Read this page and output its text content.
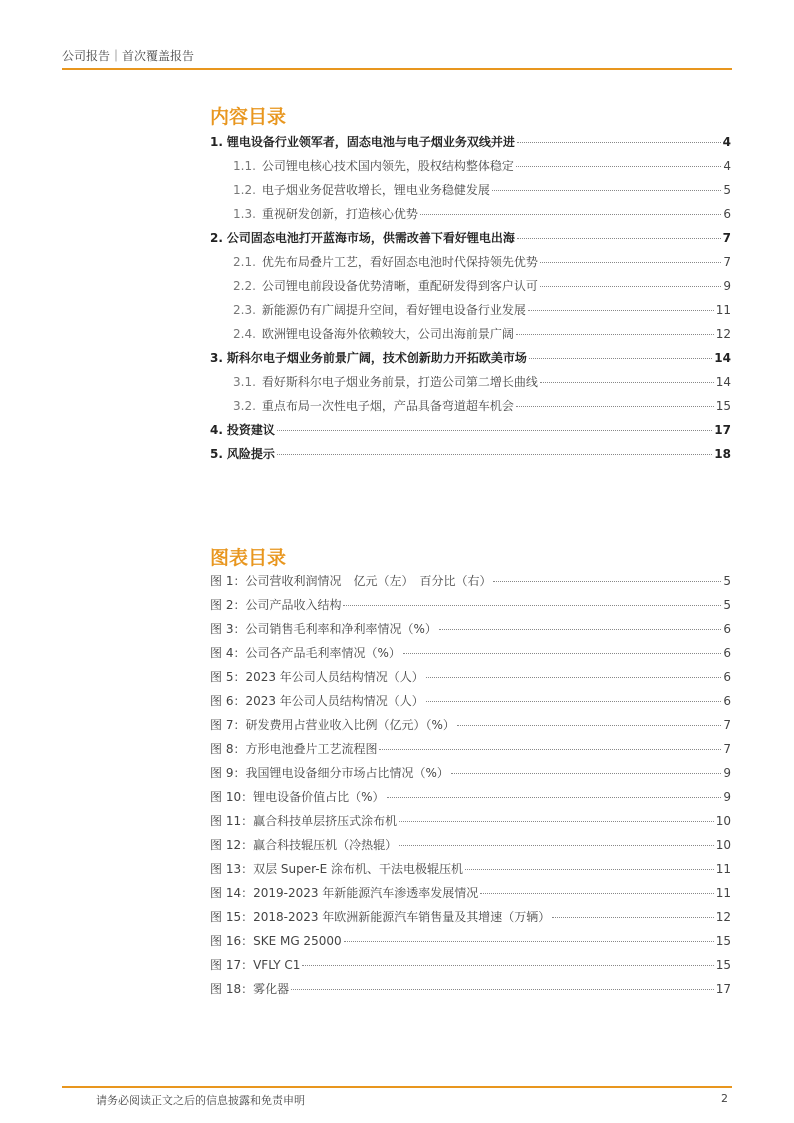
公司报告｜首次覆盖报告
内容目录
1. 锂电设备行业领军者，固态电池与电子烟业务双线并进	4
1.1. 公司锂电核心技术国内领先，股权结构整体稳定	4
1.2. 电子烟业务促营收增长，锂电业务稳健发展	5
1.3. 重视研发创新，打造核心优势	6
2. 公司固态电池打开蓝海市场，供需改善下看好锂电出海	7
2.1. 优先布局叠片工艺，看好固态电池时代保持领先优势	7
2.2. 公司锂电前段设备优势清晰，重配研发得到客户认可	9
2.3. 新能源仍有广阔提升空间，看好锂电设备行业发展	11
2.4. 欧洲锂电设备海外依赖较大，公司出海前景广阔	12
3. 斯科尔电子烟业务前景广阔，技术创新助力开拓欧美市场	14
3.1. 看好斯科尔电子烟业务前景，打造公司第二增长曲线	14
3.2. 重点布局一次性电子烟，产品具备弯道超车机会	15
4. 投资建议	17
5. 风险提示	18
图表目录
图 1：公司营收利润情况　亿元（左）　百分比（右）	5
图 2：公司产品收入结构	5
图 3：公司销售毛利率和净利率情况（%）	6
图 4：公司各产品毛利率情况（%）	6
图 5：2023 年公司人员结构情况（人）	6
图 6：2023 年公司人员结构情况（人）	6
图 7：研发费用占营业收入比例（亿元）（%）	7
图 8：方形电池叠片工艺流程图	7
图 9：我国锂电设备细分市场占比情况（%）	9
图 10：锂电设备价值占比（%）	9
图 11：赢合科技单层挤压式涂布机	10
图 12：赢合科技辊压机（冷热辊）	10
图 13：双层 Super-E 涂布机、干法电极辊压机	11
图 14：2019-2023 年新能源汽车渗透率发展情况	11
图 15：2018-2023 年欧洲新能源汽车销售量及其增速（万辆）	12
图 16：SKE MG 25000	15
图 17：VFLY C1	15
图 18：雾化器	17
请务必阅读正文之后的信息披露和免责申明	2
